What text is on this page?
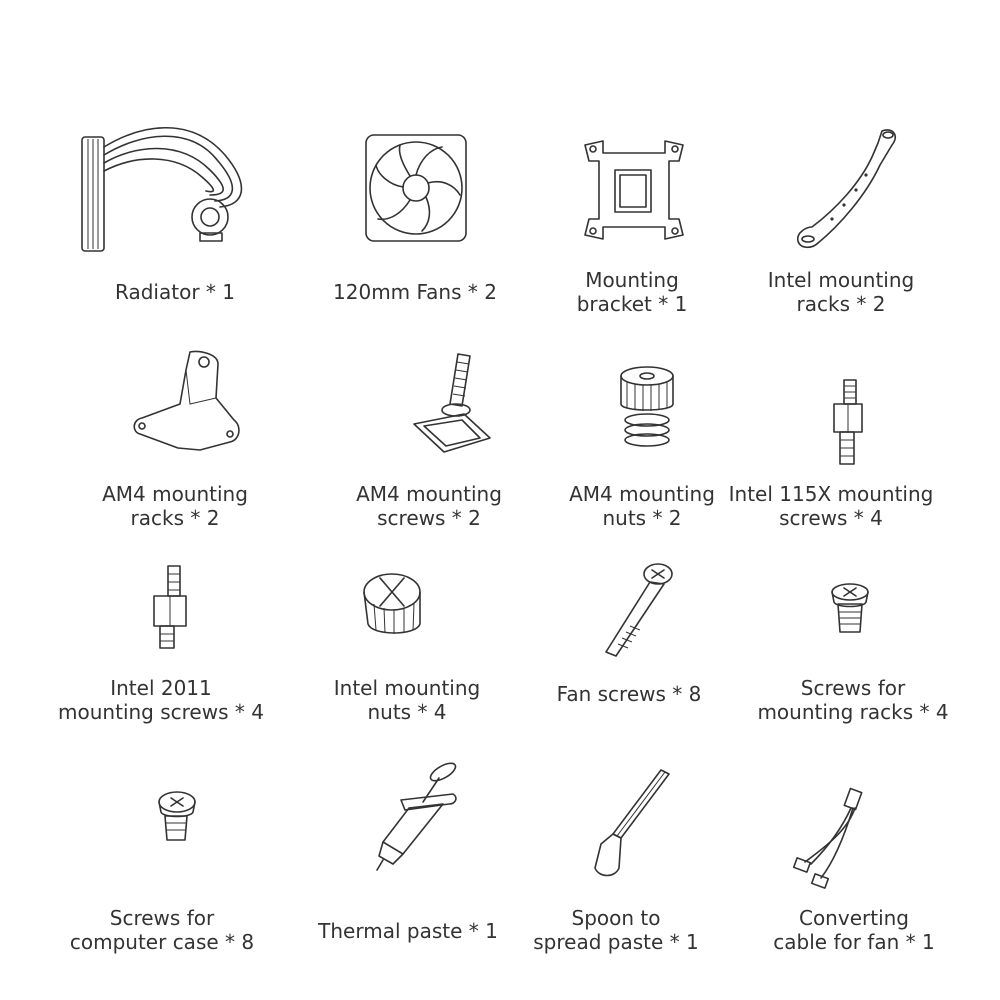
Radiator * 1	120mm Fans * 2	Mounting
bracket * 1
Intel mounting
racks * 2
AM4 mounting
racks * 2
AM4 mounting
screws * 2
AM4 mounting
nuts * 2
Intel 115X mounting
screws * 4
Intel 2011
mounting screws * 4
Intel mounting
nuts * 4
Fan screws * 8	Screws for
mounting racks * 4
Screws for
computer case * 8	Thermal paste * 1
Spoon to
spread paste * 1
Converting
cable for fan * 1
